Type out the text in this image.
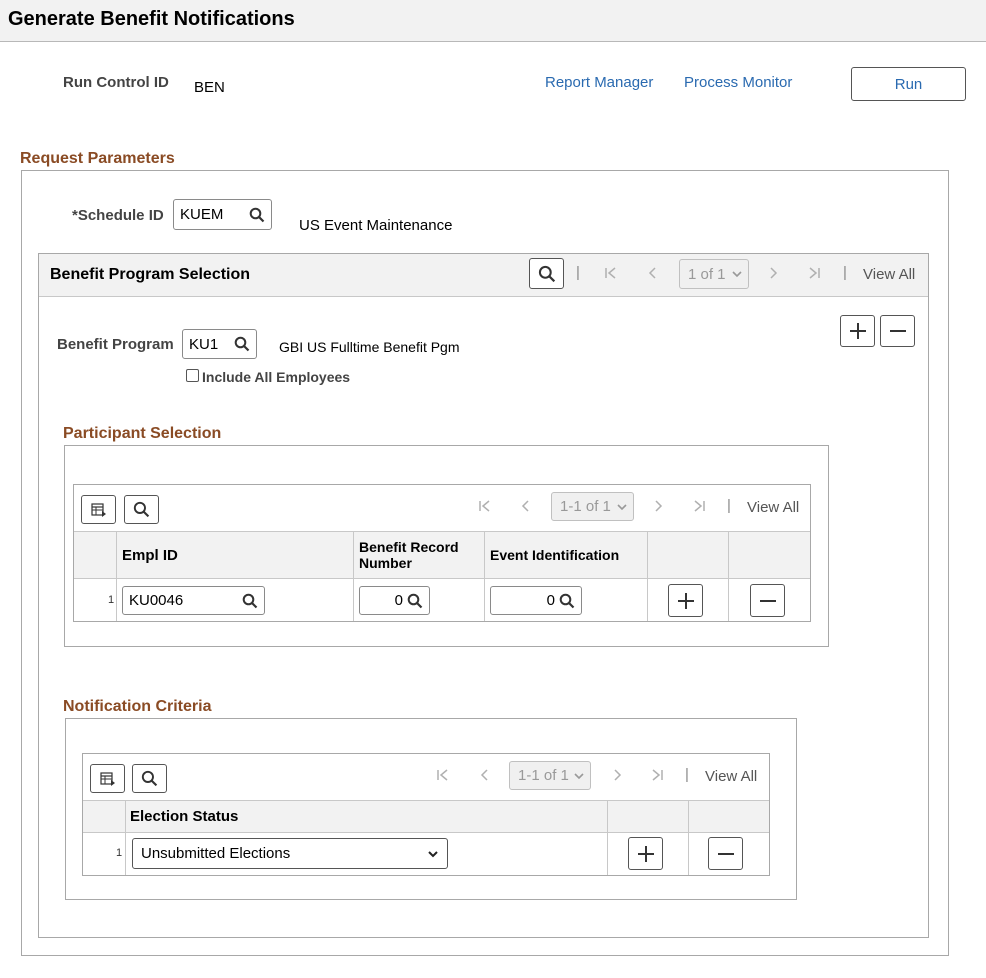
Generate Benefit Notifications
Run Control ID BEN	Report Manager Process Monitor	Run
Request Parameters
*Schedule ID KUEM
US Event Maintenance
Benefit Program Selection	|	1 of 1	| View All
Benefit Program KU1	GBI US Fulltime Benefit Pgm
Include All Employees
Participant Selection
1-1 of 1	| View All
Empl ID	Benefit Record Number	Event Identification
1 KU0046	0	0
Notification Criteria
1-1 of 1	| View All
Election Status
1 Unsubmitted Elections
